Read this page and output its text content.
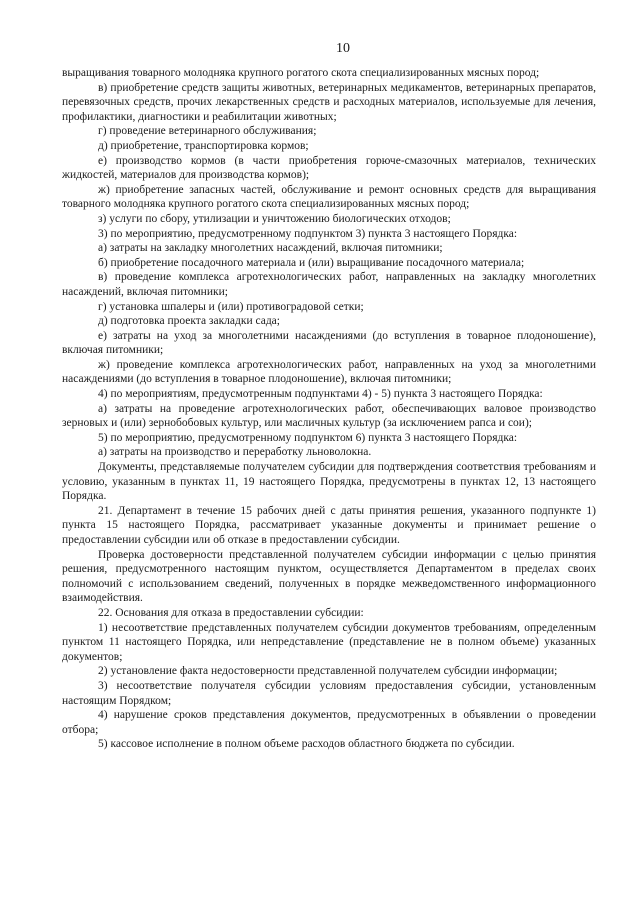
10

выращивания товарного молодняка крупного рогатого скота специализированных мясных пород;

в) приобретение средств защиты животных, ветеринарных медикаментов, ветеринарных препаратов, перевязочных средств, прочих лекарственных средств и расходных материалов, используемые для лечения, профилактики, диагностики и реабилитации животных;

г) проведение ветеринарного обслуживания;

д) приобретение, транспортировка кормов;

е) производство кормов (в части приобретения горюче-смазочных материалов, технических жидкостей, материалов для производства кормов);

ж) приобретение запасных частей, обслуживание и ремонт основных средств для выращивания товарного молодняка крупного рогатого скота специализированных мясных пород;

з) услуги по сбору, утилизации и уничтожению биологических отходов;

3) по мероприятию, предусмотренному подпунктом 3) пункта 3 настоящего Порядка:

а) затраты на закладку многолетних насаждений, включая питомники;

б) приобретение посадочного материала и (или) выращивание посадочного материала;

в) проведение комплекса агротехнологических работ, направленных на закладку многолетних насаждений, включая питомники;

г) установка шпалеры и (или) противоградовой сетки;

д) подготовка проекта закладки сада;

е) затраты на уход за многолетними насаждениями (до вступления в товарное плодоношение), включая питомники;

ж) проведение комплекса агротехнологических работ, направленных на уход за многолетними насаждениями (до вступления в товарное плодоношение), включая питомники;

4) по мероприятиям, предусмотренным подпунктами 4) - 5) пункта 3 настоящего Порядка:

а) затраты на проведение агротехнологических работ, обеспечивающих валовое производство зерновых и (или) зернобобовых культур, или масличных культур (за исключением рапса и сои);

5) по мероприятию, предусмотренному подпунктом 6) пункта 3 настоящего Порядка:

а) затраты на производство и переработку льноволокна.

Документы, представляемые получателем субсидии для подтверждения соответствия требованиям и условию, указанным в пунктах 11, 19 настоящего Порядка, предусмотрены в пунктах 12, 13 настоящего Порядка.

21. Департамент в течение 15 рабочих дней с даты принятия решения, указанного подпункте 1) пункта 15 настоящего Порядка, рассматривает указанные документы и принимает решение о предоставлении субсидии или об отказе в предоставлении субсидии.

Проверка достоверности представленной получателем субсидии информации с целью принятия решения, предусмотренного настоящим пунктом, осуществляется Департаментом в пределах своих полномочий с использованием сведений, полученных в порядке межведомственного информационного взаимодействия.

22. Основания для отказа в предоставлении субсидии:

1) несоответствие представленных получателем субсидии документов требованиям, определенным пунктом 11 настоящего Порядка, или непредставление (представление не в полном объеме) указанных документов;

2) установление факта недостоверности представленной получателем субсидии информации;

3) несоответствие получателя субсидии условиям предоставления субсидии, установленным настоящим Порядком;

4) нарушение сроков представления документов, предусмотренных в объявлении о проведении отбора;

5) кассовое исполнение в полном объеме расходов областного бюджета по субсидии.
